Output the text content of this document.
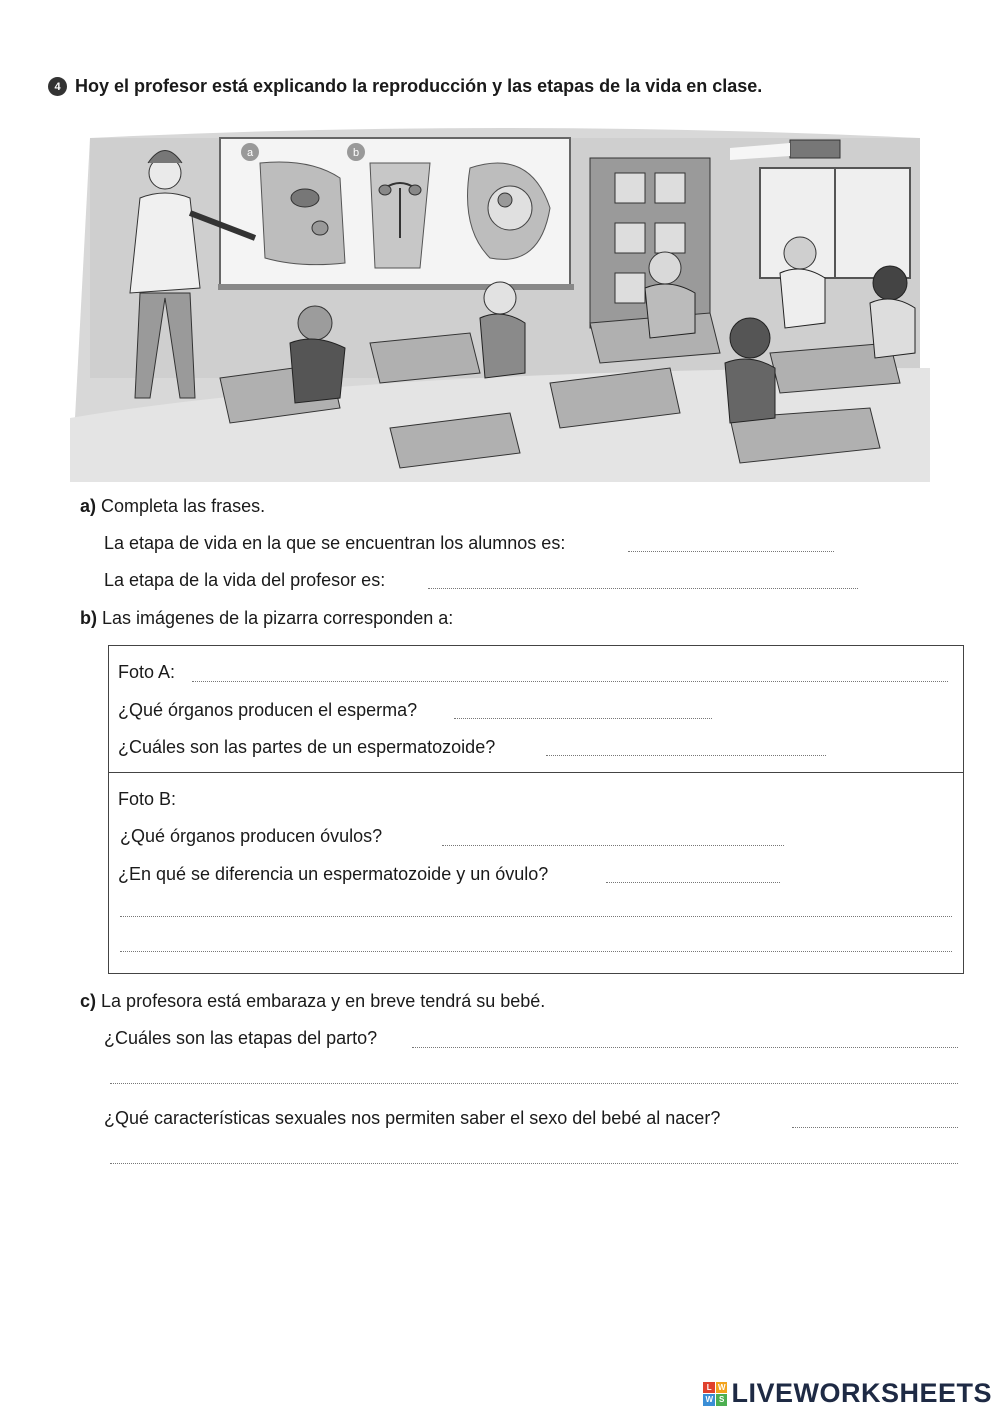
4 Hoy el profesor está explicando la reproducción y las etapas de la vida en clase.
a	b
a) Completa las frases.
La etapa de vida en la que se encuentran los alumnos es:
La etapa de la vida del profesor es:
b) Las imágenes de la pizarra corresponden a:
Foto A:
¿Qué órganos producen el esperma?
¿Cuáles son las partes de un espermatozoide?
Foto B:
¿Qué órganos producen óvulos?
¿En qué se diferencia un espermatozoide y un óvulo?
c) La profesora está embaraza y en breve tendrá su bebé.
¿Cuáles son las etapas del parto?
¿Qué características sexuales nos permiten saber el sexo del bebé al nacer?
L W
W S LIVEWORKSHEETS
